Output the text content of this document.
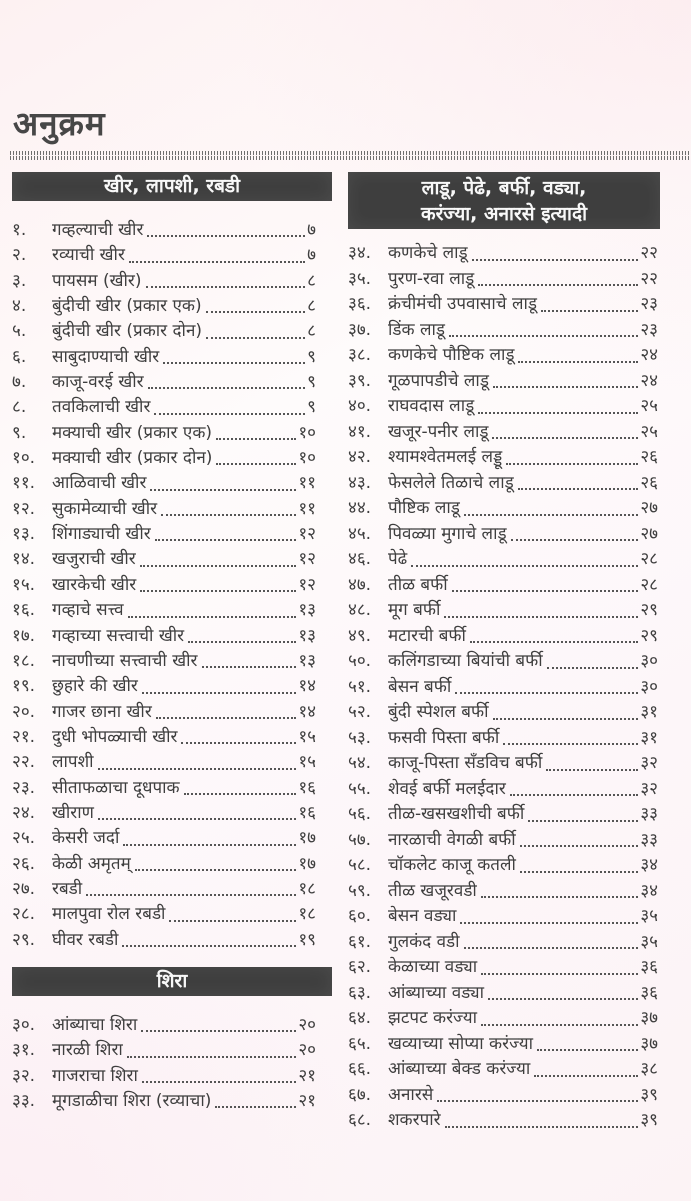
अनुक्रम
खीर, लापशी, रबडी
१.	गव्हल्याची खीर	७
२.	रव्याची खीर	७
३.	पायसम (खीर)	८
४.	बुंदीची खीर (प्रकार एक)	८
५.	बुंदीची खीर (प्रकार दोन)	८
६.	साबुदाण्याची खीर	९
७.	काजू-वरई खीर	९
८.	तवकिलाची खीर	९
९.	मक्याची खीर (प्रकार एक)	१०
१०. मक्याची खीर (प्रकार दोन)	१०
११. आळिवाची खीर	११
१२. सुकामेव्याची खीर	११
१३. शिंगाड्याची खीर	१२
१४. खजुराची खीर	१२
१५. खारकेची खीर	१२
१६. गव्हाचे सत्त्व	१३
१७. गव्हाच्या सत्त्वाची खीर	१३
१८. नाचणीच्या सत्त्वाची खीर	१३
१९. छुहारे की खीर	१४
२०. गाजर छाना खीर	१४
२१. दुधी भोपळ्याची खीर	१५
२२. लापशी	१५
२३. सीताफळाचा दूधपाक	१६
२४. खीराण	१६
२५. केसरी जर्दा	१७
२६. केळी अमृतम्	१७
२७. रबडी	१८
२८. मालपुवा रोल रबडी	१८
२९. घीवर रबडी	१९
शिरा
३०. आंब्याचा शिरा	२०
३१. नारळी शिरा	२०
३२. गाजराचा शिरा	२१
३३. मूगडाळीचा शिरा (रव्याचा)	२१
लाडू, पेढे, बर्फी, वड्या,
करंज्या, अनारसे इत्यादी
३४. कणकेचे लाडू	२२
३५. पुरण-रवा लाडू	२२
३६. क्रंचीमंची उपवासाचे लाडू	२३
३७. डिंक लाडू	२३
३८. कणकेचे पौष्टिक लाडू	२४
३९. गूळपापडीचे लाडू	२४
४०. राघवदास लाडू	२५
४१. खजूर-पनीर लाडू	२५
४२. श्यामश्वेतमलई लड्डू	२६
४३. फेसलेले तिळाचे लाडू	२६
४४. पौष्टिक लाडू	२७
४५. पिवळ्या मुगाचे लाडू	२७
४६. पेढे	२८
४७. तीळ बर्फी	२८
४८. मूग बर्फी	२९
४९. मटारची बर्फी	२९
५०. कलिंगडाच्या बियांची बर्फी	३०
५१. बेसन बर्फी	३०
५२. बुंदी स्पेशल बर्फी	३१
५३. फसवी पिस्ता बर्फी	३१
५४. काजू-पिस्ता सँडविच बर्फी	३२
५५. शेवई बर्फी मलईदार	३२
५६. तीळ-खसखशीची बर्फी	३३
५७. नारळाची वेगळी बर्फी	३३
५८. चॉकलेट काजू कतली	३४
५९. तीळ खजूरवडी	३४
६०. बेसन वड्या	३५
६१. गुलकंद वडी	३५
६२. केळाच्या वड्या	३६
६३. आंब्याच्या वड्या	३६
६४. झटपट करंज्या	३७
६५. खव्याच्या सोप्या करंज्या	३७
६६. आंब्याच्या बेक्ड करंज्या	३८
६७. अनारसे	३९
६८. शकरपारे	३९
